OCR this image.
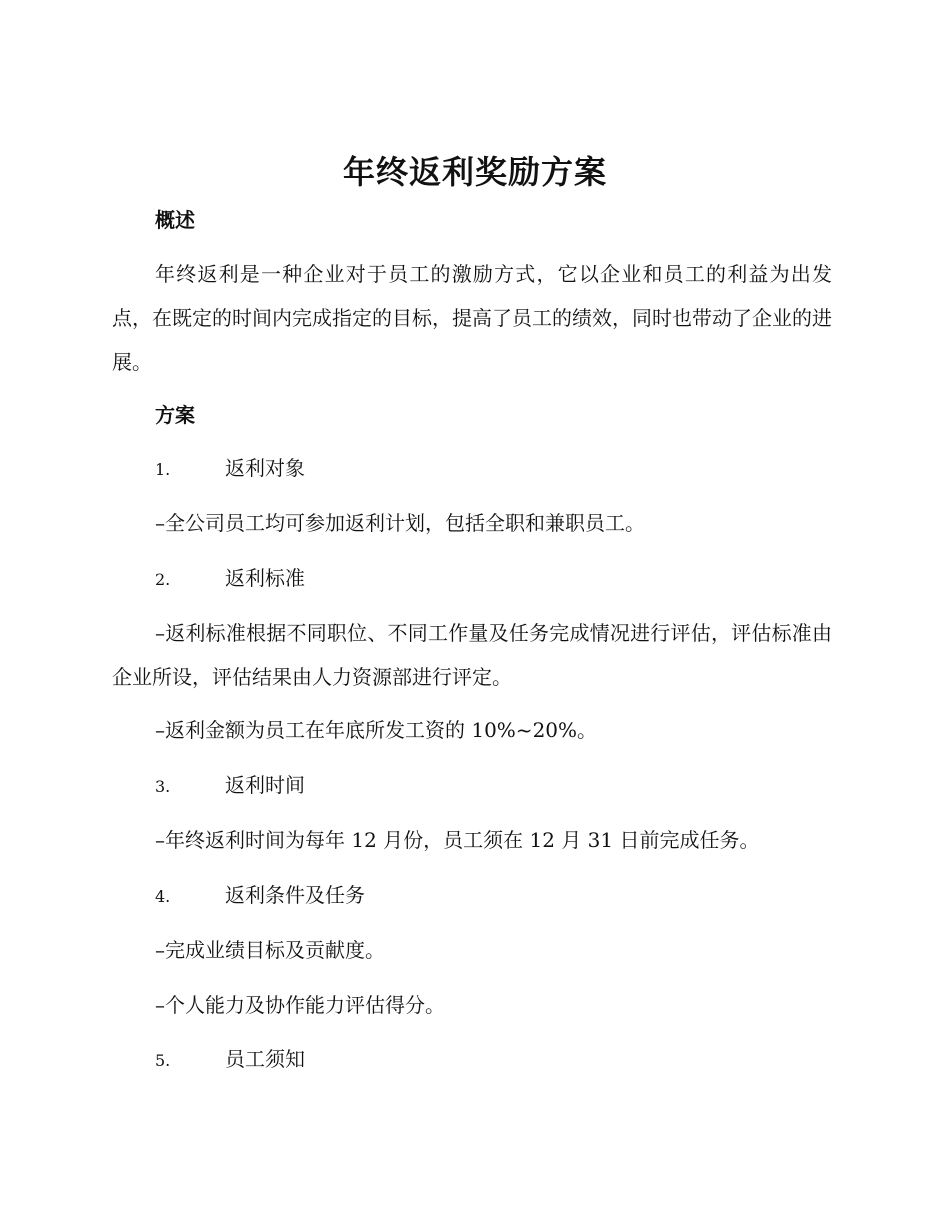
年终返利奖励方案
概述
年终返利是一种企业对于员工的激励方式，它以企业和员工的利益为出发点，在既定的时间内完成指定的目标，提高了员工的绩效，同时也带动了企业的进展。
方案
1.	返利对象
–全公司员工均可参加返利计划，包括全职和兼职员工。
2.	返利标准
–返利标准根据不同职位、不同工作量及任务完成情况进行评估，评估标准由企业所设，评估结果由人力资源部进行评定。
–返利金额为员工在年底所发工资的 10%~20%。
3.	返利时间
–年终返利时间为每年 12 月份，员工须在 12 月 31 日前完成任务。
4.	返利条件及任务
–完成业绩目标及贡献度。
–个人能力及协作能力评估得分。
5.	员工须知
